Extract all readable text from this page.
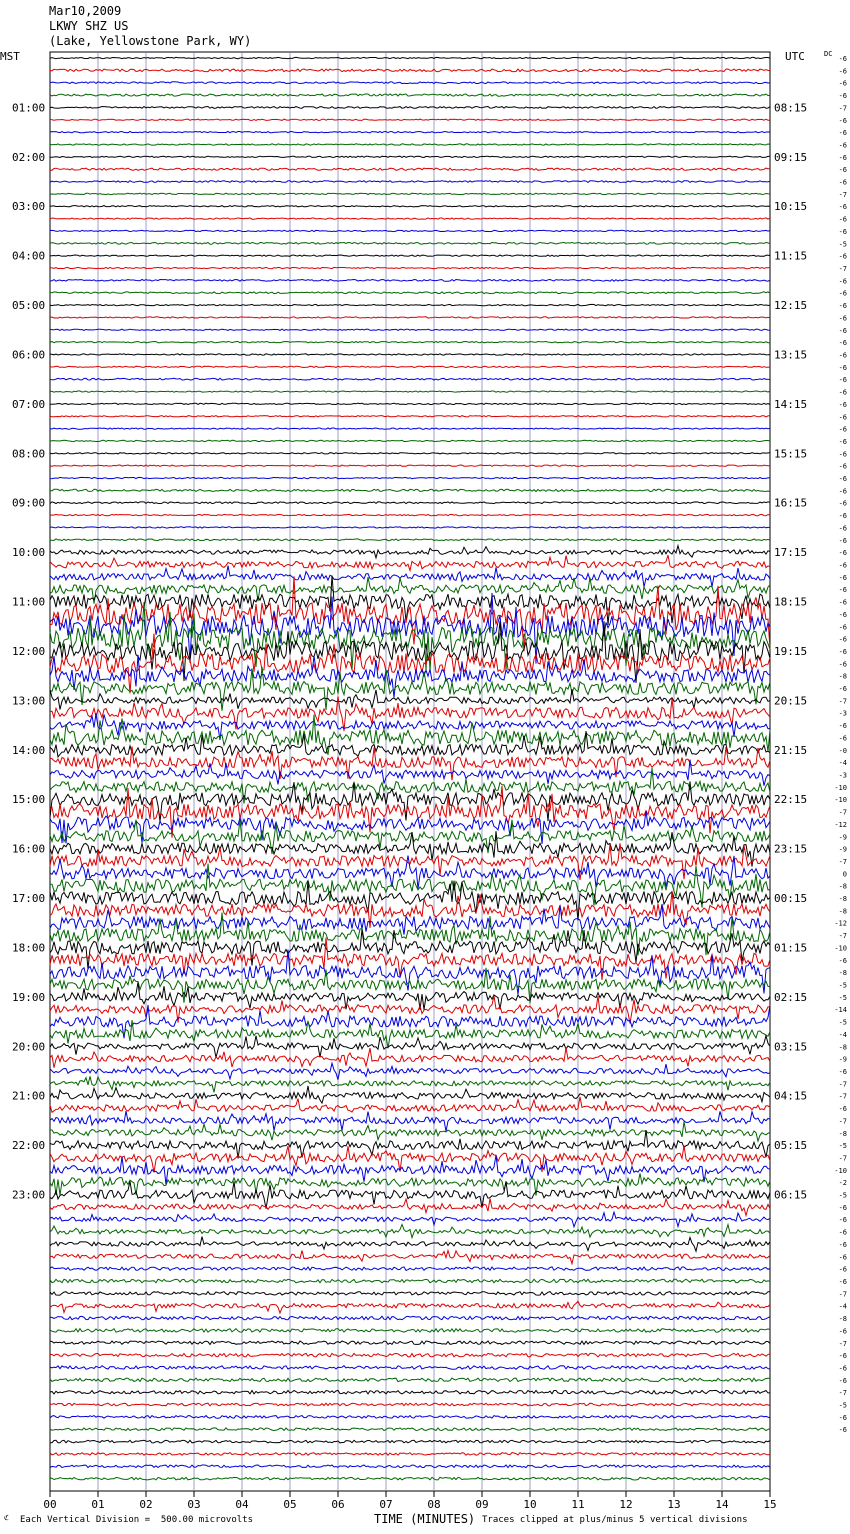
Mar10,2009
LKWY SHZ US
(Lake, Yellowstone Park, WY)
00	01	02	03	04	05	06	07	08	09	10	11	12	13	14	15
-6
-6
-6
-6
-7
-6
-6
-6
-6
-6
-6
-7
-6
-6
-6
-5
-6
-7
-6
-6
-6
-6
-6
-6
-6
-6
-6
-6
-6
-6
-6
-6
-6
-6
-6
-6
-6
-6
-6
-6
-6
-6
-6
-6
-6
-6
-6
-6
-6
-6
-8
-6
-7
-3
-6
-6
-0
-4
-3
-10
-10
-7
-12
-9
-9
-7
0
-8
-8
-8
-12
-7
-10
-6
-8
-5
-5
-14
-5
-4
-8
-9
-6
-7
-7
-6
-7
-8
-5
-7
-10
-2
-5
-6
-6
-6
-6
-6
-6
-6
-7
-4
-8
-6
-7
-6
-6
-6
-7
-5
-6
-6
01:00
02:00
03:00
04:00
05:00
06:00
07:00
08:00
09:00
10:00
11:00
12:00
13:00
14:00
15:00
16:00
17:00
18:00
19:00
20:00
21:00
22:00
23:00
08:15
09:15
10:15
11:15
12:15
13:15
14:15
15:15
16:15
17:15
18:15
19:15
20:15
21:15
22:15
23:15
00:15
01:15
02:15
03:15
04:15
05:15
06:15
MST	UTC	DC
ℭ Each Vertical Division =  500.00 microvolts	TIME (MINUTES) Traces clipped at plus/minus 5 vertical divisions
